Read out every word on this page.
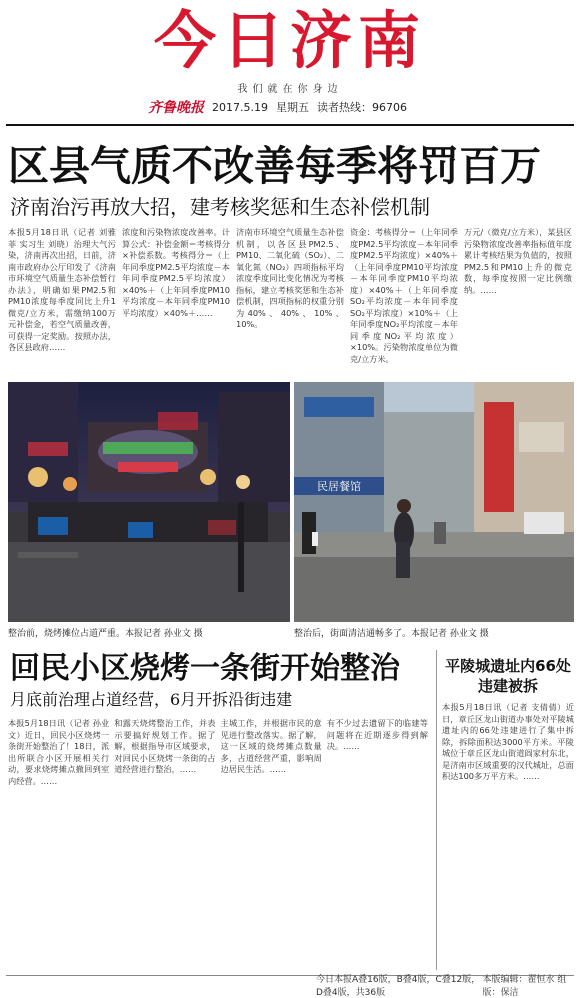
今日济南
我们就在你身边
齐鲁晚报 2017.5.19 星期五 读者热线：96706
区县气质不改善每季将罚百万
济南治污再放大招，建考核奖惩和生态补偿机制
本报5月18日讯（记者 刘雅菲 实习生 刘晓）治理大气污染，济南再次出招，日前，济南市政府办公厅印发了《济南市环境空气质量生态补偿暂行办法》，明确如果PM2.5和PM10浓度每季度同比上升1微克/立方米，需缴纳100万元补偿金，若空气质量改善，可获得一定奖励。按照办法，各区县政府……
浓度和污染物浓度改善率。计算公式：补偿金额＝考核得分×补偿系数。考核得分＝（上年同季度PM2.5平均浓度－本年同季度PM2.5平均浓度）×40%＋（上年同季度PM10平均浓度－本年同季度PM10平均浓度）×40%＋……
济南市环境空气质量生态补偿机制，以各区县PM2.5、PM10、二氧化硫（SO₂）、二氧化氮（NO₂）四项指标平均浓度季度同比变化情况为考核指标，建立考核奖惩和生态补偿机制，四项指标的权重分别为40%、40%、10%、10%。
资金：考核得分＝（上年同季度PM2.5平均浓度－本年同季度PM2.5平均浓度）×40%＋（上年同季度PM10平均浓度－本年同季度PM10平均浓度）×40%＋（上年同季度SO₂平均浓度－本年同季度SO₂平均浓度）×10%＋（上年同季度NO₂平均浓度－本年同季度NO₂平均浓度）×10%。污染物浓度单位为微克/立方米。
万元/（微克/立方米），某县区污染物浓度改善率指标值年度累计考核结果为负值的，按照PM2.5和PM10上升的微克数，每季度按照一定比例缴纳。……
整治前，烧烤摊位占道严重。本报记者 孙业文 摄
民居餐馆
整治后，街面清洁通畅多了。本报记者 孙业文 摄
回民小区烧烤一条街开始整治
月底前治理占道经营，6月开拆沿街违建
本报5月18日讯（记者 孙业文）近日，回民小区烧烤一条街开始整治了！18日，派出所联合小区开展相关行动，要求烧烤摊点撤回到室内经营。……
和露天烧烤整治工作，并表示要搞好规划工作。据了解，根据指导市区域要求，对回民小区烧烤一条街的占道经营进行整治，……
主城工作，并根据市民的意见进行整改落实。据了解，这一区域的烧烤摊点数量多，占道经营严重，影响周边居民生活。……
有不少过去遗留下的临建等问题将在近期逐步得到解决。……
平陵城遗址内66处违建被拆
本报5月18日讯（记者 支倩倩）近日，章丘区龙山街道办事处对平陵城遗址内的66处违建进行了集中拆除，拆除面积达3000平方米。平陵城位于章丘区龙山街道阎家村东北，是济南市区域重要的汉代城址，总面积达100多万平方米。……
今日本报A叠16版，B叠4版，C叠12版，D叠4版，共36版
本版编辑：翟恒水 组版：保洁
